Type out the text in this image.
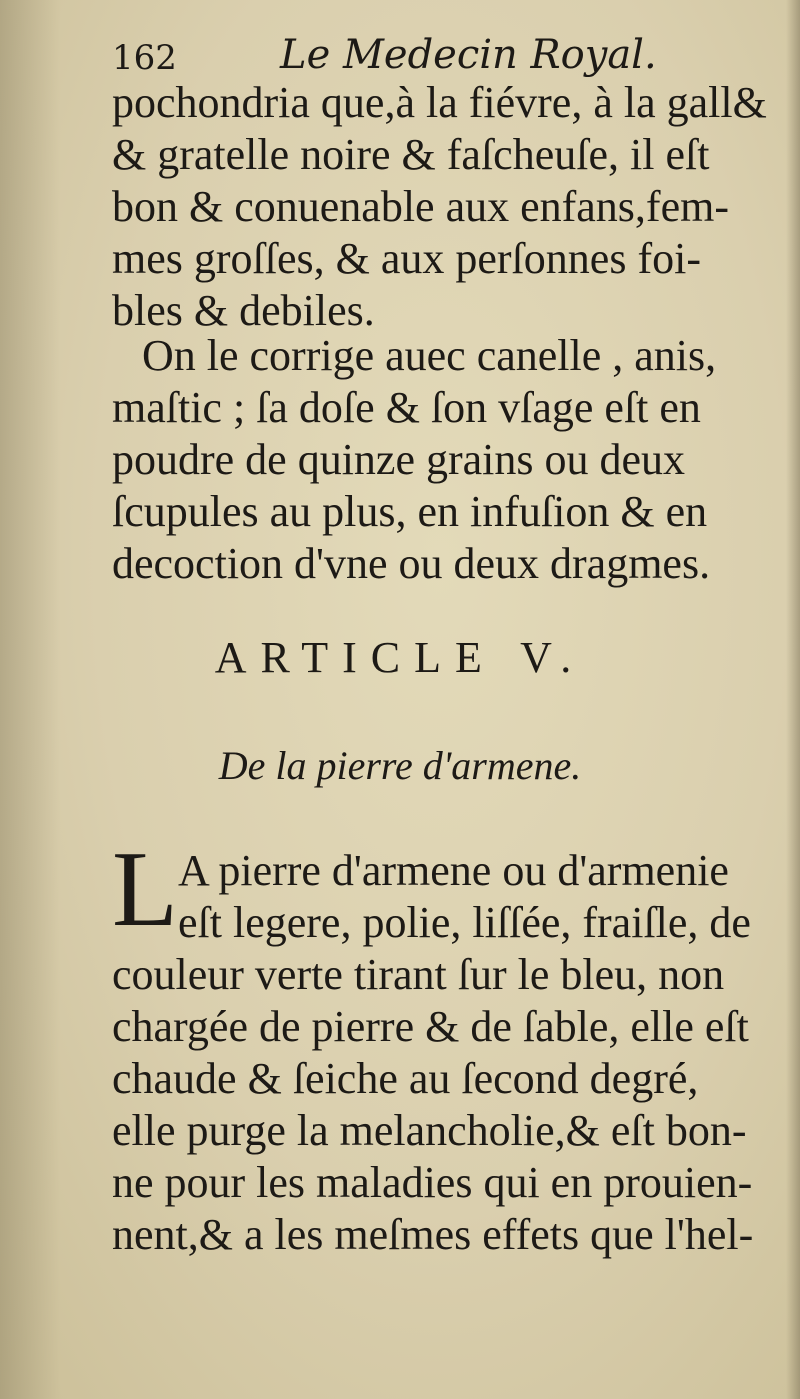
162	Le Medecin Royal.
pochondria que,à la fiévre, à la gall&
& gratelle noire & faſcheuſe, il eſt
bon & conuenable aux enfans,fem-
mes groſſes, & aux perſonnes foi-
bles & debiles.
On le corrige auec canelle , anis,
maſtic ; ſa doſe & ſon vſage eſt en
poudre de quinze grains ou deux
ſcupules au plus, en infuſion & en
decoction d'vne ou deux dragmes.
ARTICLE V.
De la pierre d'armene.
L A pierre d'armene ou d'armenie
eſt legere, polie, liſſée, fraiſle, de
couleur verte tirant ſur le bleu, non
chargée de pierre & de ſable, elle eſt
chaude & ſeiche au ſecond degré,
elle purge la melancholie,& eſt bon-
ne pour les maladies qui en prouien-
nent,& a les meſmes effets que l'hel-
